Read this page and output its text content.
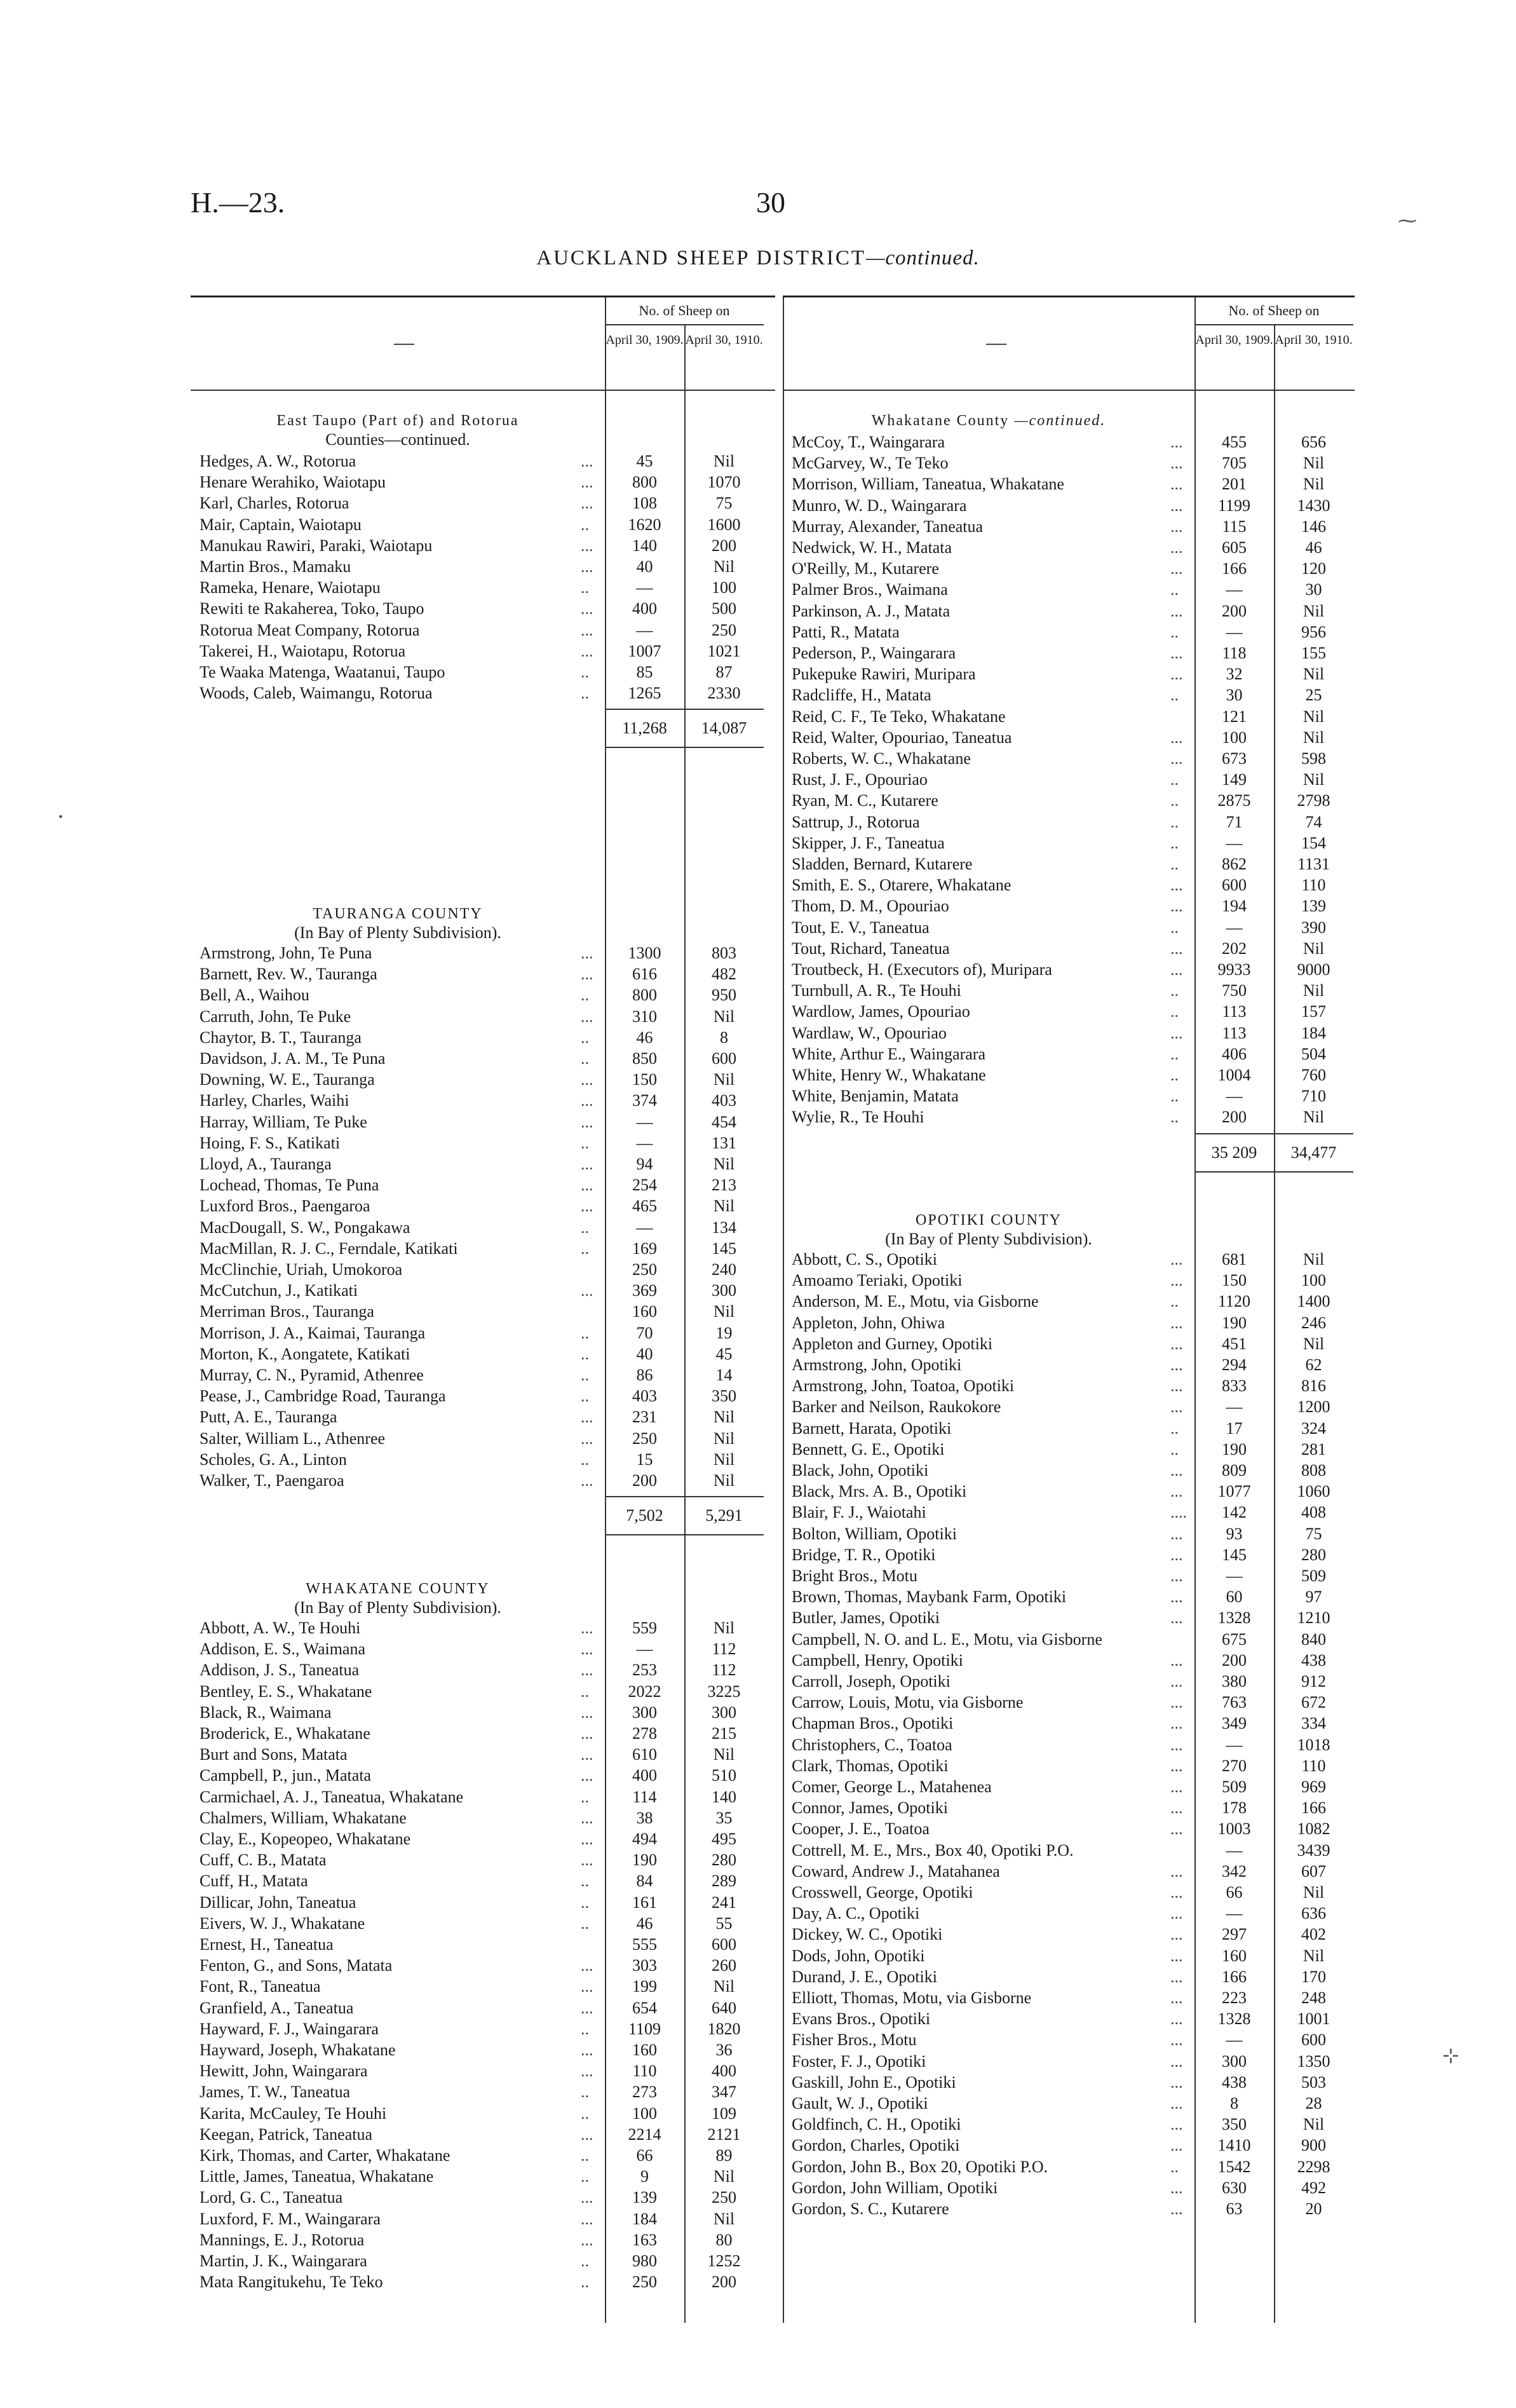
H.—23.	30
AUCKLAND SHEEP DISTRICT—continued.
—
No. of Sheep on
April 30, 1909. April 30, 1910.
East Taupo (Part of) and Rotorua
Counties—continued.
Hedges, A. W., Rotorua	...	45	Nil
Henare Werahiko, Waiotapu	...	800	1070
Karl, Charles, Rotorua	...	108	75
Mair, Captain, Waiotapu	..	1620	1600
Manukau Rawiri, Paraki, Waiotapu	...	140	200
Martin Bros., Mamaku	...	40	Nil
Rameka, Henare, Waiotapu	..	—	100
Rewiti te Rakaherea, Toko, Taupo	...	400	500
Rotorua Meat Company, Rotorua	...	—	250
Takerei, H., Waiotapu, Rotorua	...	1007	1021
Te Waaka Matenga, Waatanui, Taupo	..	85	87
Woods, Caleb, Waimangu, Rotorua	..	1265	2330
11,268	14,087
TAURANGA COUNTY
(In Bay of Plenty Subdivision).
Armstrong, John, Te Puna	...	1300	803
Barnett, Rev. W., Tauranga	...	616	482
Bell, A., Waihou	..	800	950
Carruth, John, Te Puke	...	310	Nil
Chaytor, B. T., Tauranga	..	46	8
Davidson, J. A. M., Te Puna	..	850	600
Downing, W. E., Tauranga	...	150	Nil
Harley, Charles, Waihi	...	374	403
Harray, William, Te Puke	...	—	454
Hoing, F. S., Katikati	..	—	131
Lloyd, A., Tauranga	...	94	Nil
Lochead, Thomas, Te Puna	...	254	213
Luxford Bros., Paengaroa	...	465	Nil
MacDougall, S. W., Pongakawa	..	—	134
MacMillan, R. J. C., Ferndale, Katikati	..	169	145
McClinchie, Uriah, Umokoroa	250	240
McCutchun, J., Katikati	...	369	300
Merriman Bros., Tauranga	160	Nil
Morrison, J. A., Kaimai, Tauranga	..	70	19
Morton, K., Aongatete, Katikati	..	40	45
Murray, C. N., Pyramid, Athenree	..	86	14
Pease, J., Cambridge Road, Tauranga	..	403	350
Putt, A. E., Tauranga	...	231	Nil
Salter, William L., Athenree	...	250	Nil
Scholes, G. A., Linton	..	15	Nil
Walker, T., Paengaroa	...	200	Nil
7,502	5,291
WHAKATANE COUNTY
(In Bay of Plenty Subdivision).
Abbott, A. W., Te Houhi	...	559	Nil
Addison, E. S., Waimana	...	—	112
Addison, J. S., Taneatua	...	253	112
Bentley, E. S., Whakatane	..	2022	3225
Black, R., Waimana	...	300	300
Broderick, E., Whakatane	...	278	215
Burt and Sons, Matata	...	610	Nil
Campbell, P., jun., Matata	...	400	510
Carmichael, A. J., Taneatua, Whakatane	..	114	140
Chalmers, William, Whakatane	...	38	35
Clay, E., Kopeopeo, Whakatane	...	494	495
Cuff, C. B., Matata	...	190	280
Cuff, H., Matata	..	84	289
Dillicar, John, Taneatua	..	161	241
Eivers, W. J., Whakatane	..	46	55
Ernest, H., Taneatua	555	600
Fenton, G., and Sons, Matata	...	303	260
Font, R., Taneatua	...	199	Nil
Granfield, A., Taneatua	...	654	640
Hayward, F. J., Waingarara	..	1109	1820
Hayward, Joseph, Whakatane	...	160	36
Hewitt, John, Waingarara	...	110	400
James, T. W., Taneatua	..	273	347
Karita, McCauley, Te Houhi	..	100	109
Keegan, Patrick, Taneatua	...	2214	2121
Kirk, Thomas, and Carter, Whakatane	..	66	89
Little, James, Taneatua, Whakatane	..	9	Nil
Lord, G. C., Taneatua	...	139	250
Luxford, F. M., Waingarara	...	184	Nil
Mannings, E. J., Rotorua	...	163	80
Martin, J. K., Waingarara	..	980	1252
Mata Rangitukehu, Te Teko	..	250	200
—
No. of Sheep on
April 30, 1909. April 30, 1910.
Whakatane County —continued.
McCoy, T., Waingarara	...	455	656
McGarvey, W., Te Teko	...	705	Nil
Morrison, William, Taneatua, Whakatane	...	201	Nil
Munro, W. D., Waingarara	...	1199	1430
Murray, Alexander, Taneatua	...	115	146
Nedwick, W. H., Matata	...	605	46
O'Reilly, M., Kutarere	...	166	120
Palmer Bros., Waimana	..	—	30
Parkinson, A. J., Matata	...	200	Nil
Patti, R., Matata	..	—	956
Pederson, P., Waingarara	...	118	155
Pukepuke Rawiri, Muripara	...	32	Nil
Radcliffe, H., Matata	..	30	25
Reid, C. F., Te Teko, Whakatane	121	Nil
Reid, Walter, Opouriao, Taneatua	...	100	Nil
Roberts, W. C., Whakatane	...	673	598
Rust, J. F., Opouriao	..	149	Nil
Ryan, M. C., Kutarere	..	2875	2798
Sattrup, J., Rotorua	..	71	74
Skipper, J. F., Taneatua	..	—	154
Sladden, Bernard, Kutarere	..	862	1131
Smith, E. S., Otarere, Whakatane	...	600	110
Thom, D. M., Opouriao	...	194	139
Tout, E. V., Taneatua	..	—	390
Tout, Richard, Taneatua	...	202	Nil
Troutbeck, H. (Executors of), Muripara	...	9933	9000
Turnbull, A. R., Te Houhi	..	750	Nil
Wardlow, James, Opouriao	..	113	157
Wardlaw, W., Opouriao	...	113	184
White, Arthur E., Waingarara	..	406	504
White, Henry W., Whakatane	..	1004	760
White, Benjamin, Matata	..	—	710
Wylie, R., Te Houhi	..	200	Nil
35 209	34,477
OPOTIKI COUNTY
(In Bay of Plenty Subdivision).
Abbott, C. S., Opotiki	...	681	Nil
Amoamo Teriaki, Opotiki	...	150	100
Anderson, M. E., Motu, via Gisborne	..	1120	1400
Appleton, John, Ohiwa	...	190	246
Appleton and Gurney, Opotiki	...	451	Nil
Armstrong, John, Opotiki	...	294	62
Armstrong, John, Toatoa, Opotiki	...	833	816
Barker and Neilson, Raukokore	...	—	1200
Barnett, Harata, Opotiki	..	17	324
Bennett, G. E., Opotiki	..	190	281
Black, John, Opotiki	...	809	808
Black, Mrs. A. B., Opotiki	...	1077	1060
Blair, F. J., Waiotahi	....	142	408
Bolton, William, Opotiki	...	93	75
Bridge, T. R., Opotiki	...	145	280
Bright Bros., Motu	...	—	509
Brown, Thomas, Maybank Farm, Opotiki	...	60	97
Butler, James, Opotiki	...	1328	1210
Campbell, N. O. and L. E., Motu, via Gisborne	675	840
Campbell, Henry, Opotiki	...	200	438
Carroll, Joseph, Opotiki	...	380	912
Carrow, Louis, Motu, via Gisborne	...	763	672
Chapman Bros., Opotiki	...	349	334
Christophers, C., Toatoa	...	—	1018
Clark, Thomas, Opotiki	...	270	110
Comer, George L., Matahenea	...	509	969
Connor, James, Opotiki	...	178	166
Cooper, J. E., Toatoa	...	1003	1082
Cottrell, M. E., Mrs., Box 40, Opotiki P.O.	—	3439
Coward, Andrew J., Matahanea	...	342	607
Crosswell, George, Opotiki	...	66	Nil
Day, A. C., Opotiki	...	—	636
Dickey, W. C., Opotiki	...	297	402
Dods, John, Opotiki	...	160	Nil
Durand, J. E., Opotiki	...	166	170
Elliott, Thomas, Motu, via Gisborne	...	223	248
Evans Bros., Opotiki	...	1328	1001
Fisher Bros., Motu	...	—	600
Foster, F. J., Opotiki	...	300	1350
Gaskill, John E., Opotiki	...	438	503
Gault, W. J., Opotiki	...	8	28
Goldfinch, C. H., Opotiki	...	350	Nil
Gordon, Charles, Opotiki	...	1410	900
Gordon, John B., Box 20, Opotiki P.O.	..	1542	2298
Gordon, John William, Opotiki	...	630	492
Gordon, S. C., Kutarere	...	63	20
⁓
⊹
•
